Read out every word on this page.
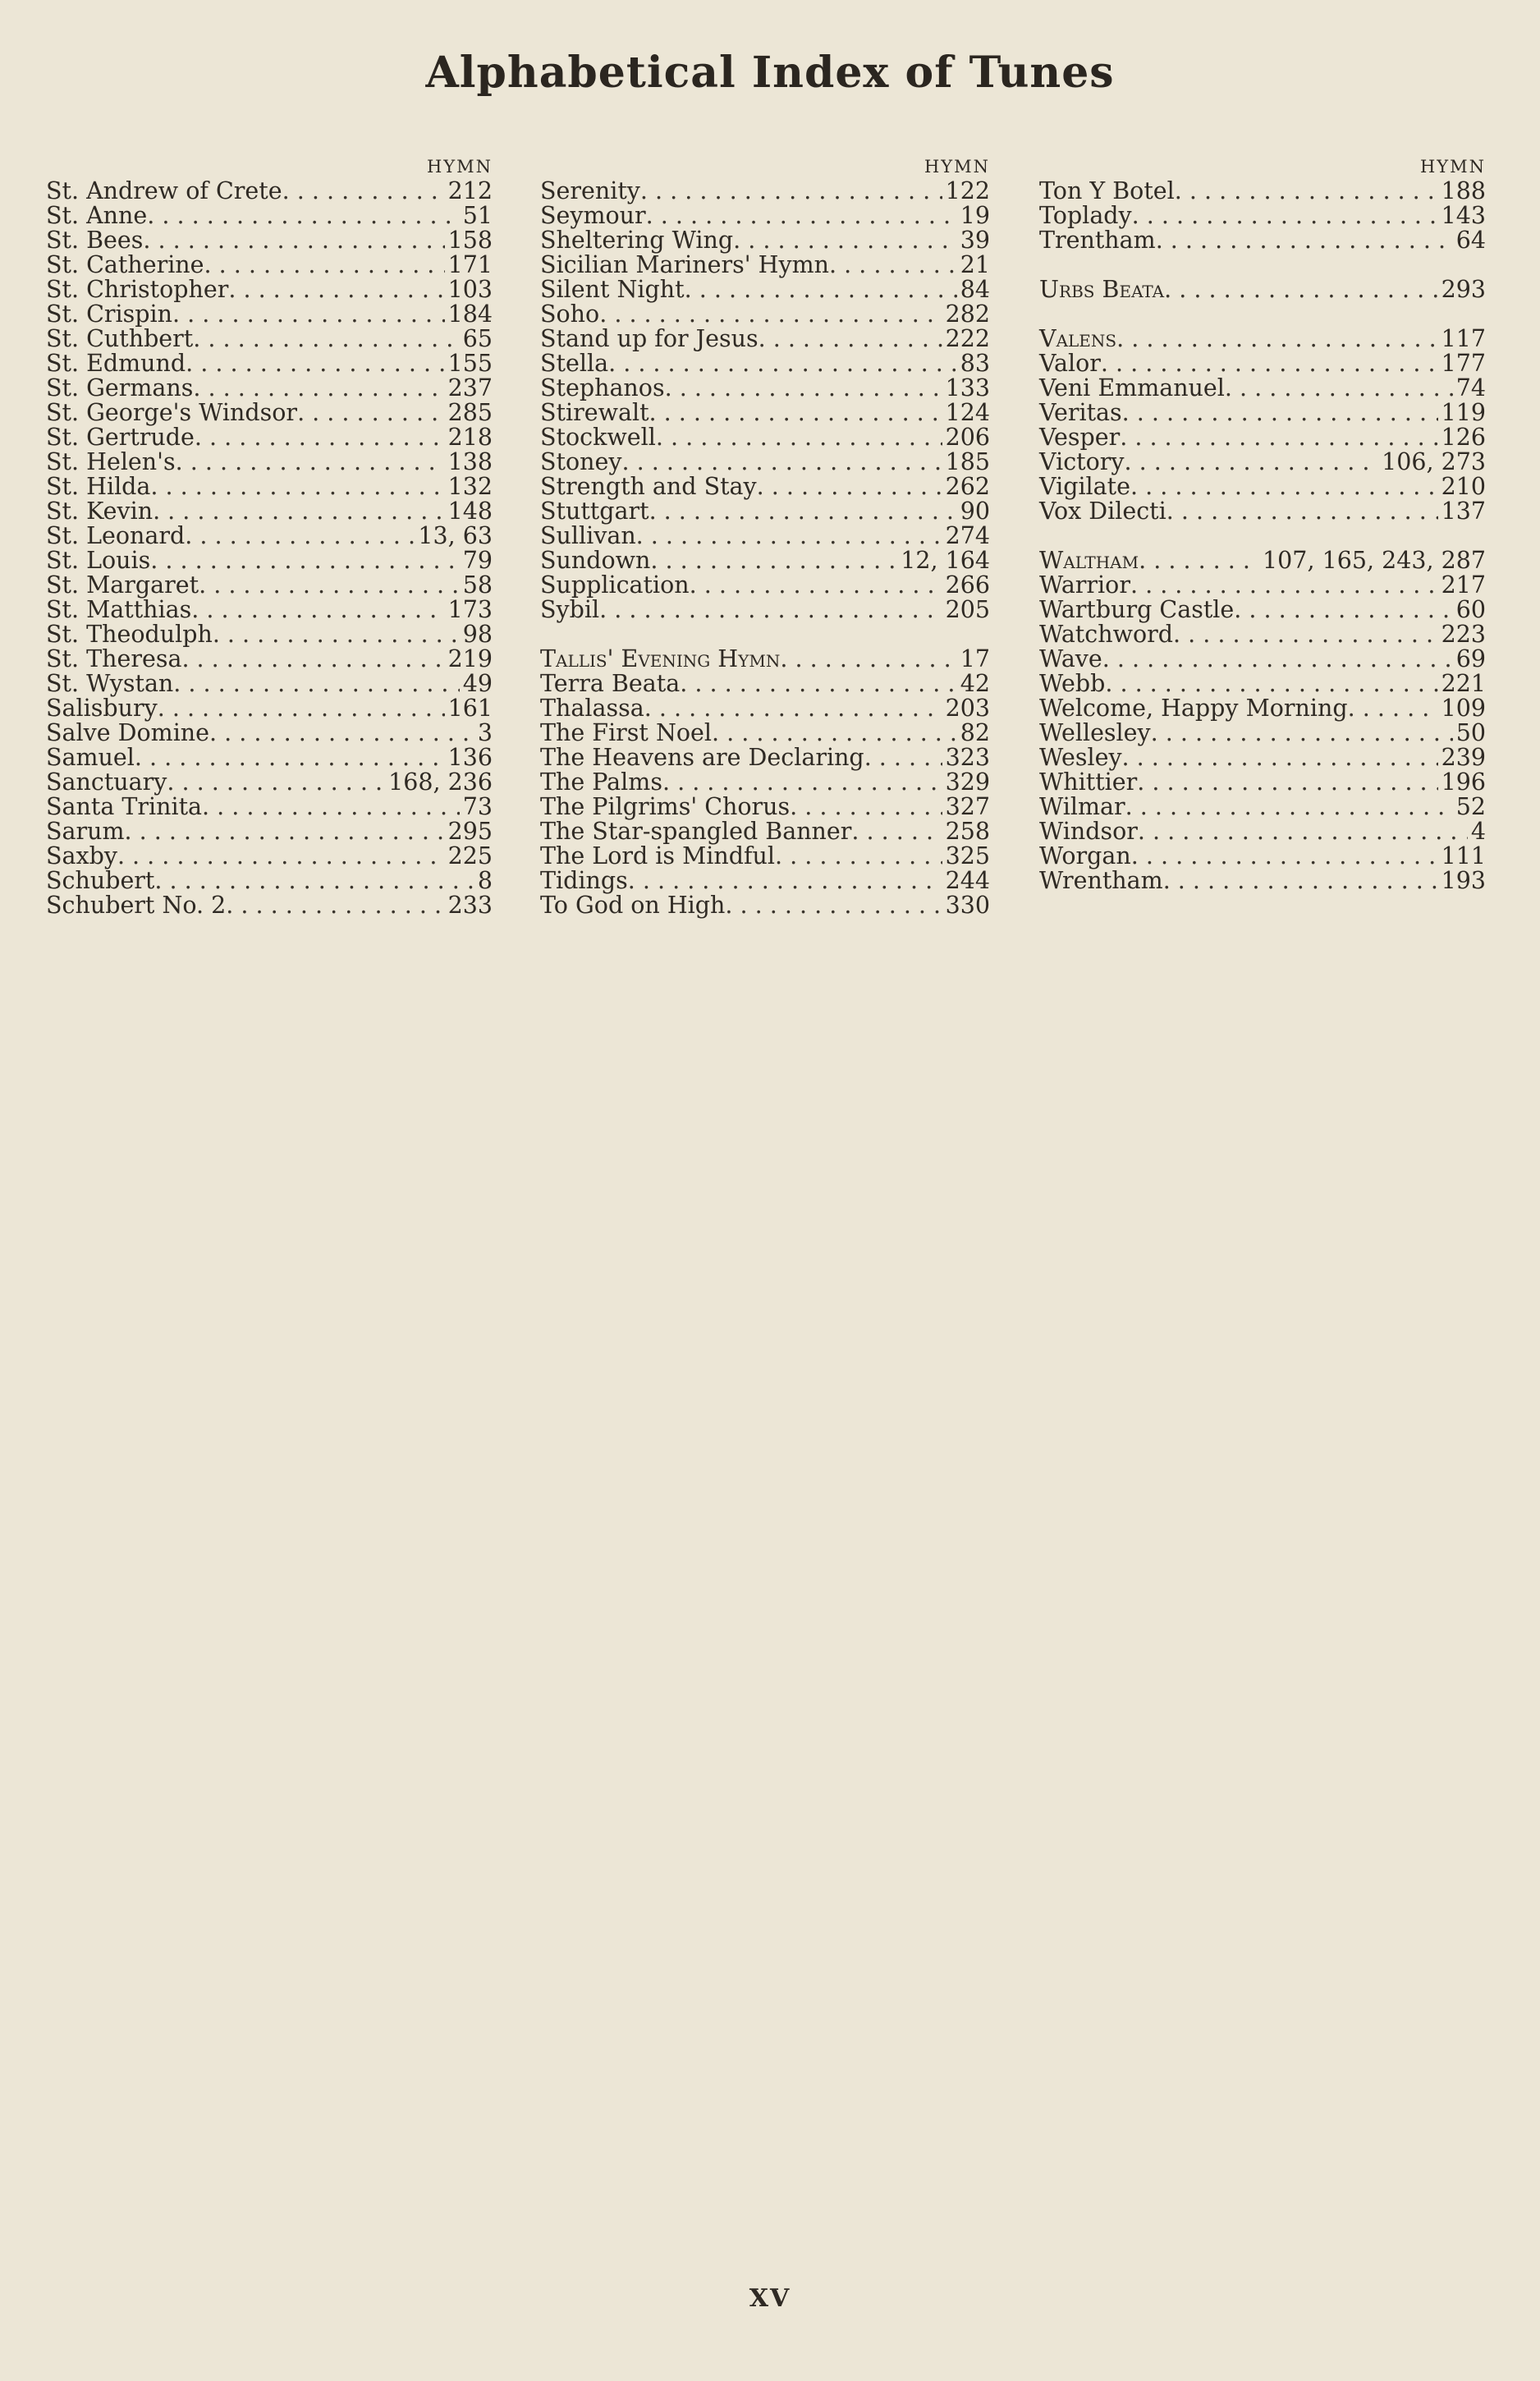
Alphabetical Index of Tunes
HYMN
St. Andrew of Crete . . .	212
St. Anne . . .	51
St. Bees . . .	158
St. Catherine . . .	171
St. Christopher . . .	103
St. Crispin . . .	184
St. Cuthbert . . .	65
St. Edmund . . .	155
St. Germans . . .	237
St. George's Windsor . . .	285
St. Gertrude . . .	218
St. Helen's . . .	138
St. Hilda . . .	132
St. Kevin . . .	148
St. Leonard . . .	13, 63
St. Louis . . .	79
St. Margaret . . .	58
St. Matthias . . .	173
St. Theodulph . . .	98
St. Theresa . . .	219
St. Wystan . . .	49
Salisbury . . .	161
Salve Domine . . .	3
Samuel . . .	136
Sanctuary . . .	168, 236
Santa Trinita . . .	73
Sarum . . .	295
Saxby . . .	225
Schubert . . .	8
Schubert No. 2 . . .	233
HYMN
Serenity . . .	122
Seymour . . .	19
Sheltering Wing . . .	39
Sicilian Mariners' Hymn . . .	21
Silent Night . . .	84
Soho . . .	282
Stand up for Jesus . . .	222
Stella . . .	83
Stephanos . . .	133
Stirewalt . . .	124
Stockwell . . .	206
Stoney . . .	185
Strength and Stay . . .	262
Stuttgart . . .	90
Sullivan . . .	274
Sundown . . .	12, 164
Supplication . . .	266
Sybil . . .	205
Tallis' Evening Hymn . . .	17
Terra Beata . . .	42
Thalassa . . .	203
The First Noel . . .	82
The Heavens are Declaring . . .	323
The Palms . . .	329
The Pilgrims' Chorus . . .	327
The Star-spangled Banner . . .	258
The Lord is Mindful . . .	325
Tidings . . .	244
To God on High . . .	330
HYMN
Ton Y Botel . . .	188
Toplady . . .	143
Trentham . . .	64
Urbs Beata . . .	293
Valens . . .	117
Valor . . .	177
Veni Emmanuel . . .	74
Veritas . . .	119
Vesper . . .	126
Victory . . .	106, 273
Vigilate . . .	210
Vox Dilecti . . .	137
Waltham . . .	107, 165, 243, 287
Warrior . . .	217
Wartburg Castle . . .	60
Watchword . . .	223
Wave . . .	69
Webb . . .	221
Welcome, Happy Morning . . .	109
Wellesley . . .	50
Wesley . . .	239
Whittier . . .	196
Wilmar . . .	52
Windsor . . .	4
Worgan . . .	111
Wrentham . . .	193
XV
